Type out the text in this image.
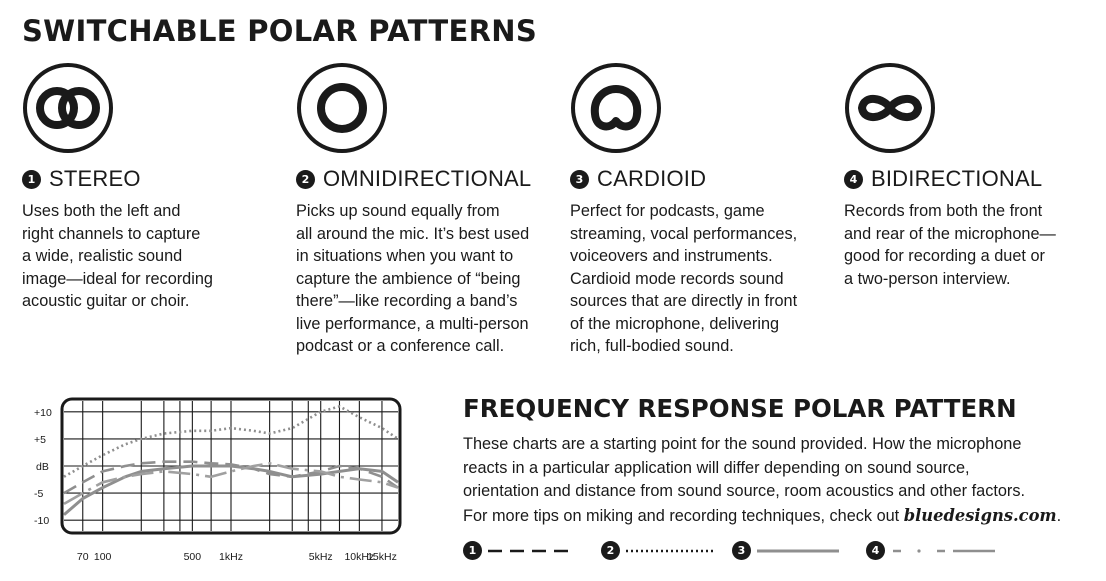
SWITCHABLE POLAR PATTERNS
1 STEREO

Uses both the left and
right channels to capture
a wide, realistic sound
image—ideal for recording
acoustic guitar or choir.

2 OMNIDIRECTIONAL

Picks up sound equally from
all around the mic. It’s best used
in situations when you want to
capture the ambience of “being
there”—like recording a band’s
live performance, a multi-person
podcast or a conference call.

3 CARDIOID

Perfect for podcasts, game
streaming, vocal performances,
voiceovers and instruments.
Cardioid mode records sound
sources that are directly in front
of the microphone, delivering
rich, full-bodied sound.

4 BIDIRECTIONAL

Records from both the front
and rear of the microphone—
good for recording a duet or
a two-person interview.

+10
+5
-5
-10
dB
70 100	500 1kHz	5kHz 10kHz
15kHz
FREQUENCY RESPONSE POLAR PATTERN

These charts are a starting point for the sound provided. How the microphone
reacts in a particular application will differ depending on sound source,
orientation and distance from sound source, room acoustics and other factors.
For more tips on miking and recording techniques, check out bluedesigns.com.

1	2	3	4
